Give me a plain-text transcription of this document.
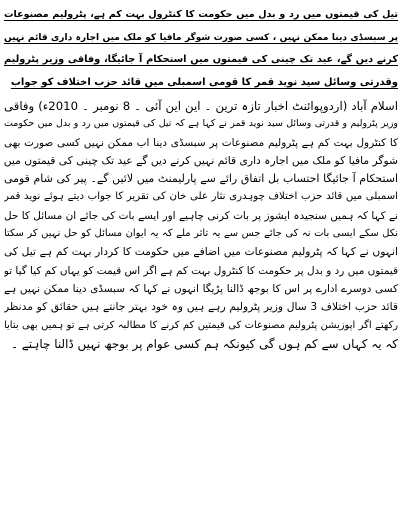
تیل کی قیمتوں میں رد و بدل میں حکومت کا کنٹرول بہت کم ہے، پٹرولیم مصنوعات
پر سبسڈی دینا ممکن نہیں ، کسی صورت شوگر مافیا کو ملک میں اجارہ داری قائم نہیں
کرنے دیں گے، عید تک چینی کی قیمتوں میں استحکام آ جائیگا، وفاقی وزیر پٹرولیم
وقدرتی وسائل سید نوید قمر کا قومی اسمبلی میں قائد حزب اختلاف کو جواب
اسلام آباد (اردوپوائنٹ اخبار تازہ ترین ۔ این این آئی ۔ 8 نومبر ۔ 2010ء) وفاقی
وزیر پٹرولیم و قدرتی وسائل سید نوید قمر نے کہا ہے کہ تیل کی قیمتوں میں رد و بدل میں حکومت
کا کنٹرول بہت کم ہے پٹرولیم مصنوعات پر سبسڈی دینا اب ممکن نہیں کسی صورت بھی
شوگر مافیا کو ملک میں اجارہ داری قائم نہیں کرنے دیں گے عید تک چینی کی قیمتوں میں
استحکام آ جائیگا احتساب بل اتفاق رائے سے پارلیمنٹ میں لائیں گے۔ پیر کی شام قومی
اسمبلی میں قائد حزب اختلاف چوہدری نثار علی خان کی تقریر کا جواب دیتے ہوئے نوید قمر
نے کہا کہ ہمیں سنجیدہ ایشوز پر بات کرنی چاہیے اور ایسے بات کی جائے ان مسائل کا حل
نکل سکے ایسی بات نہ کی جائے جس سے یہ تاثر ملے کہ یہ ایوان مسائل کو حل نہیں کر سکتا
انہوں نے کہا کہ پٹرولیم مصنوعات میں اضافے میں حکومت کا کردار بہت کم ہے تیل کی
قیمتوں میں رد و بدل پر حکومت کا کنٹرول بہت کم ہے اگر اس قیمت کو یہاں کم کیا گیا تو
کسی دوسرے ادارے پر اس کا بوجھ ڈالنا پڑیگا انہوں نے کہا کہ سبسڈی دینا ممکن نہیں ہے
قائد حزب اختلاف 3 سال وزیر پٹرولیم رہے ہیں وہ خود بہتر جانتے ہیں حقائق کو مدنظر
رکھتے اگر اپوزیشن پٹرولیم مصنوعات کی قیمتیں کم کرنے کا مطالبہ کرتی ہے تو ہمیں بھی بتایا
کہ یہ کہاں سے کم ہوں گی کیونکہ ہم کسی عوام پر بوجھ نہیں ڈالنا چاہتے ۔
